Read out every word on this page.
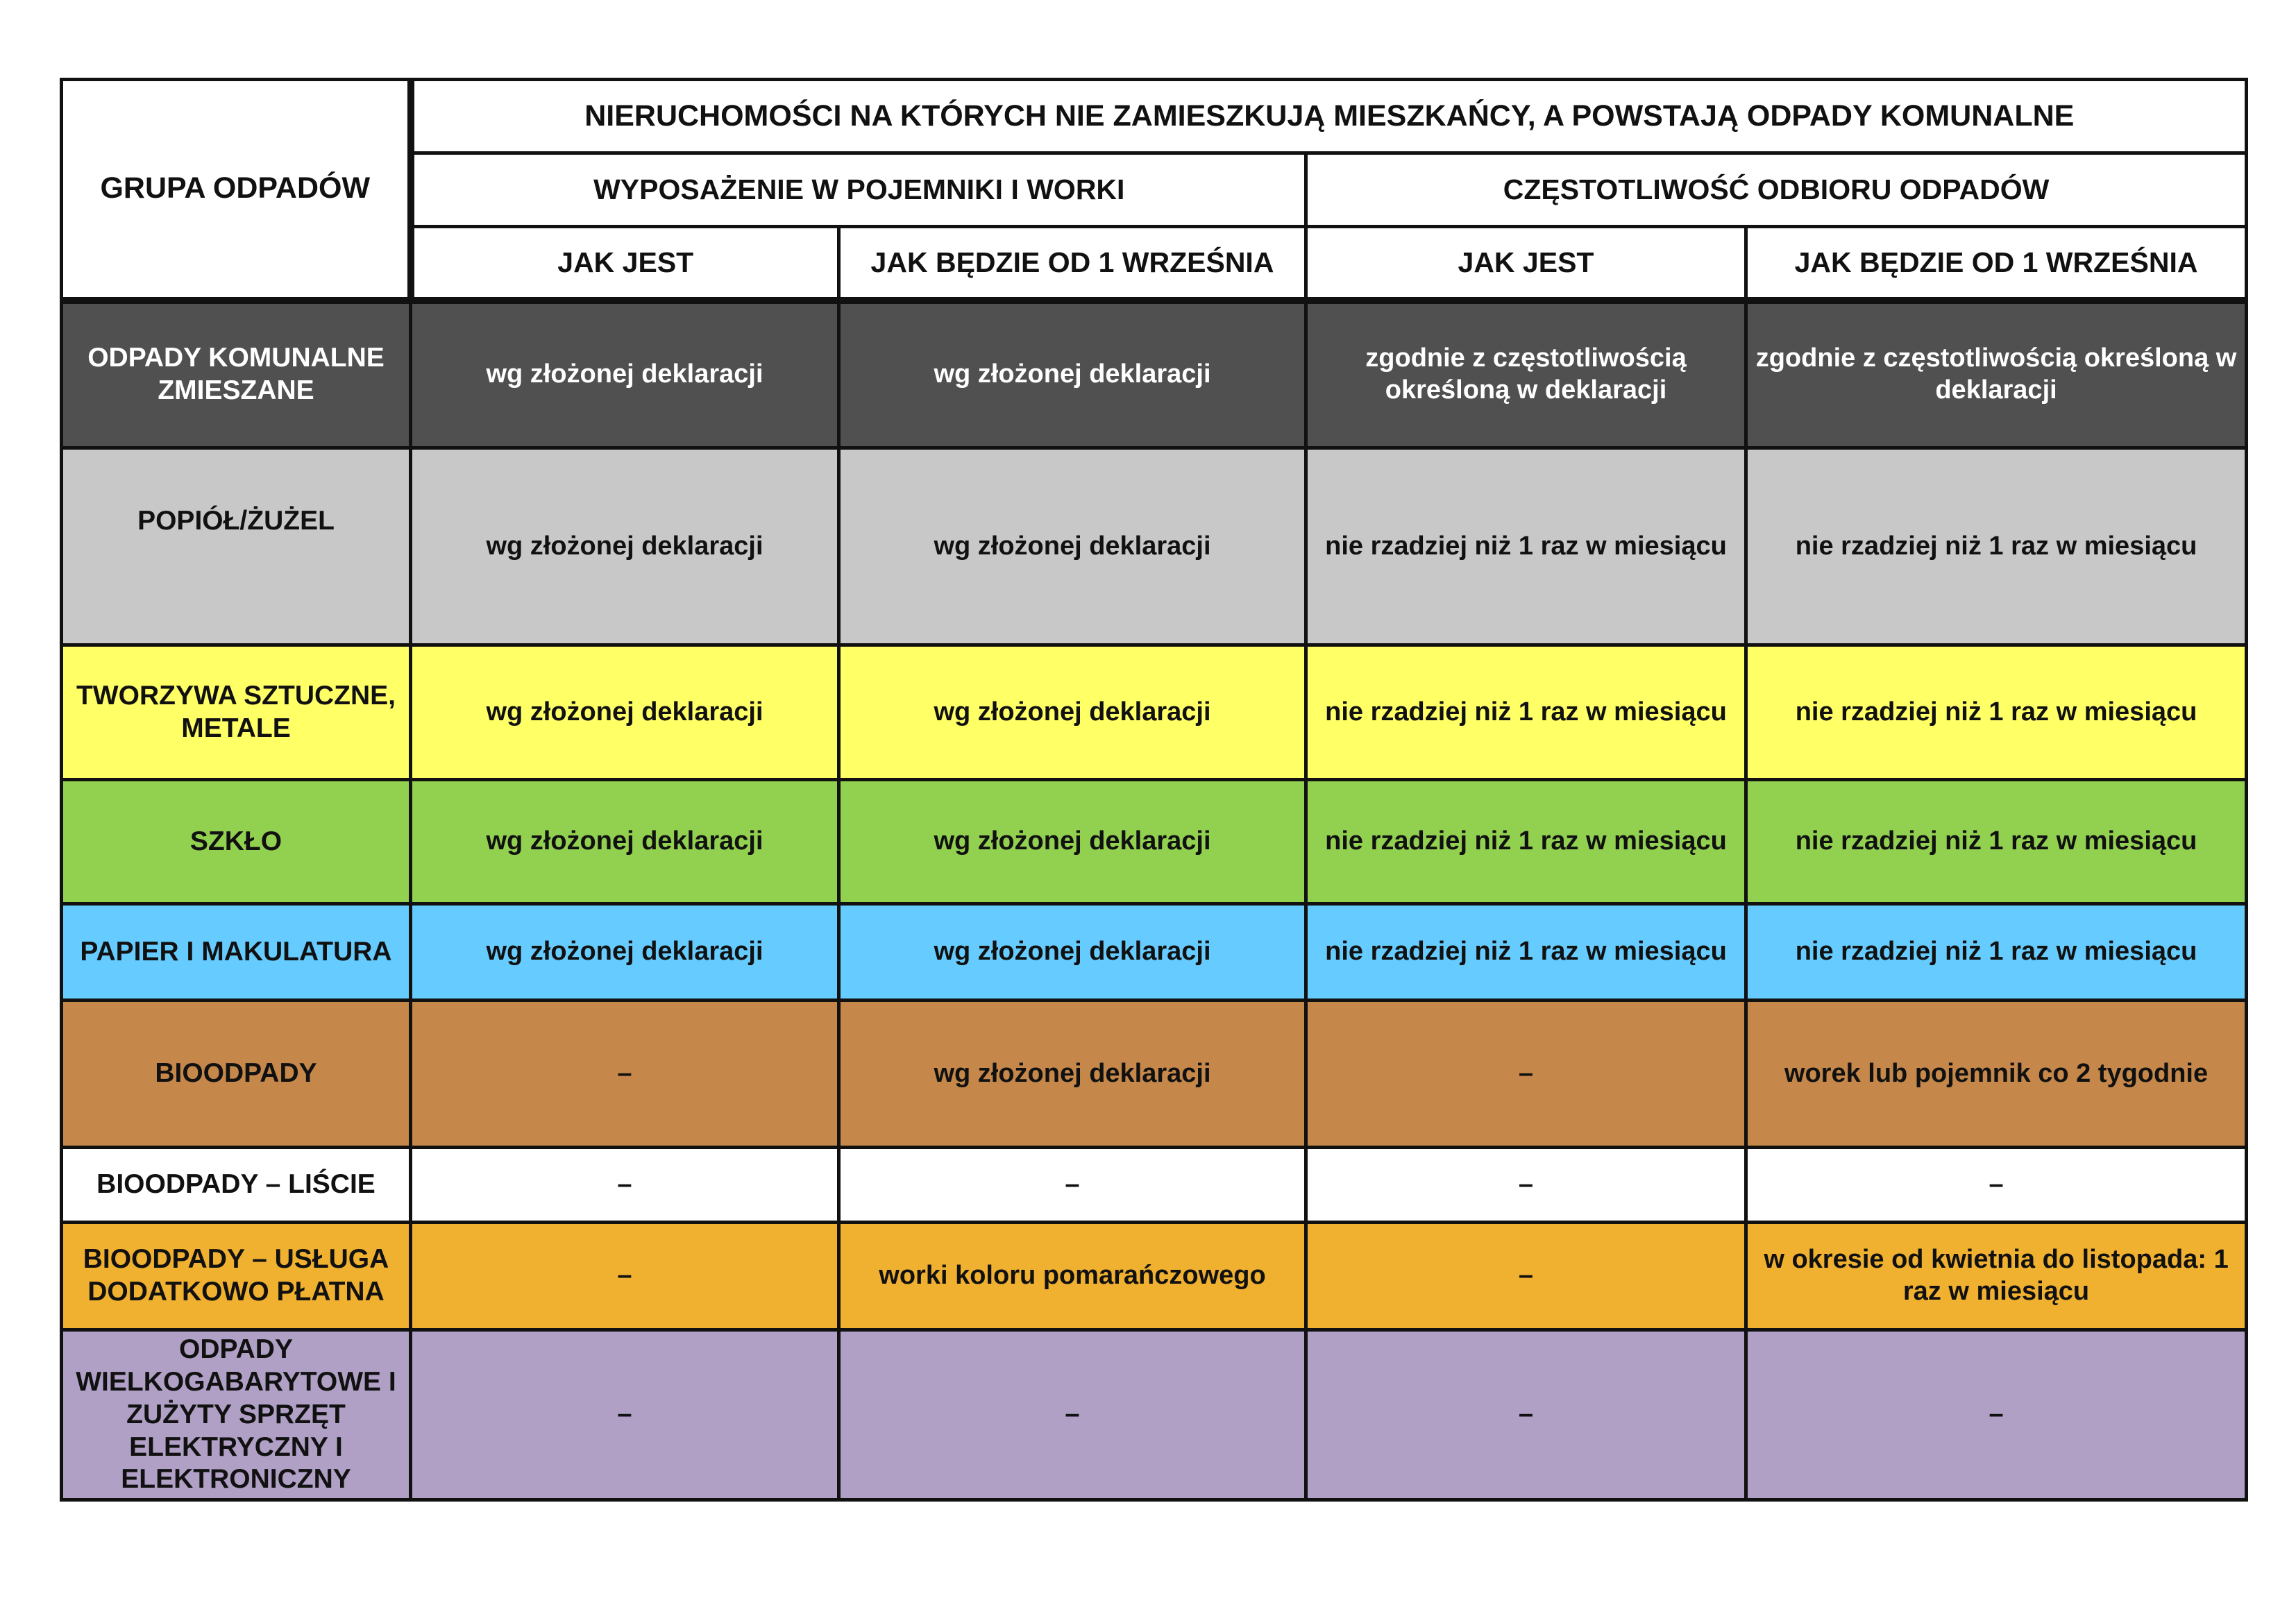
GRUPA ODPADÓW	NIERUCHOMOŚCI NA KTÓRYCH NIE ZAMIESZKUJĄ MIESZKAŃCY, A POWSTAJĄ ODPADY KOMUNALNE			
	WYPOSAŻENIE W POJEMNIKI I WORKI		CZĘSTOTLIWOŚĆ ODBIORU ODPADÓW	
	JAK JEST	JAK BĘDZIE OD 1 WRZEŚNIA	JAK JEST	JAK BĘDZIE OD 1 WRZEŚNIA
ODPADY KOMUNALNE ZMIESZANE	wg złożonej deklaracji	wg złożonej deklaracji	zgodnie z częstotliwością określoną w deklaracji	zgodnie z częstotliwością określoną w deklaracji
POPIÓŁ/ŻUŻEL	wg złożonej deklaracji	wg złożonej deklaracji	nie rzadziej niż 1 raz w miesiącu	nie rzadziej niż 1 raz w miesiącu
TWORZYWA SZTUCZNE, METALE	wg złożonej deklaracji	wg złożonej deklaracji	nie rzadziej niż 1 raz w miesiącu	nie rzadziej niż 1 raz w miesiącu
SZKŁO	wg złożonej deklaracji	wg złożonej deklaracji	nie rzadziej niż 1 raz w miesiącu	nie rzadziej niż 1 raz w miesiącu
PAPIER I MAKULATURA	wg złożonej deklaracji	wg złożonej deklaracji	nie rzadziej niż 1 raz w miesiącu	nie rzadziej niż 1 raz w miesiącu
BIOODPADY	–	wg złożonej deklaracji	–	worek lub pojemnik co 2 tygodnie
BIOODPADY – LIŚCIE	–	–	–	–
BIOODPADY – USŁUGA DODATKOWO PŁATNA	–	worki koloru pomarańczowego	–	w okresie od kwietnia do listopada: 1 raz w miesiącu
ODPADY WIELKOGABARYTOWE I ZUŻYTY SPRZĘT ELEKTRYCZNY I ELEKTRONICZNY	–	–	–	–
